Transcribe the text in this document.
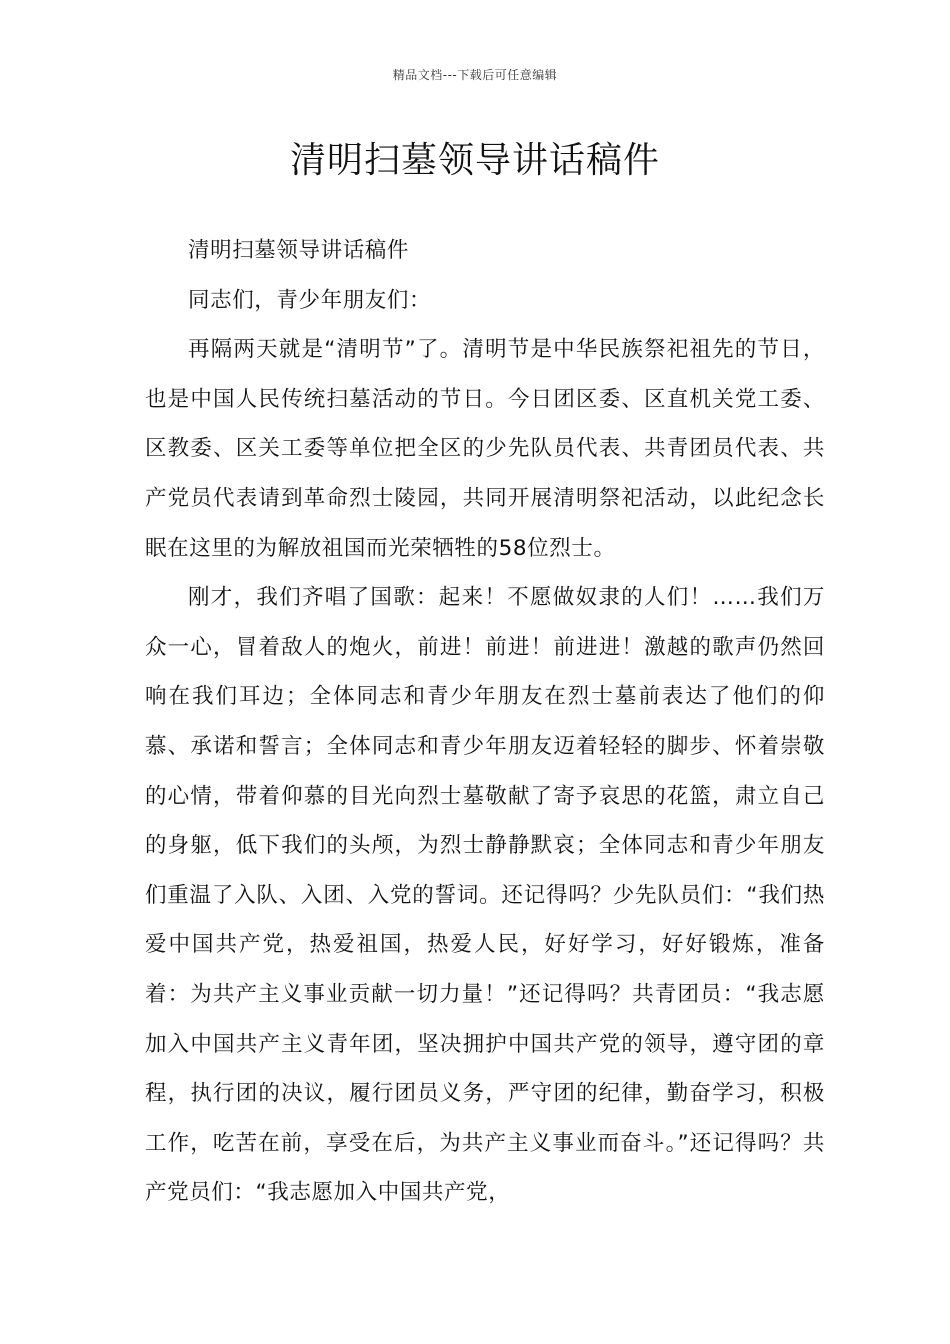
精品文档---下载后可任意编辑
清明扫墓领导讲话稿件

清明扫墓领导讲话稿件

同志们，青少年朋友们：

再隔两天就是“清明节”了。清明节是中华民族祭祀祖先的节日，也是中国人民传统扫墓活动的节日。今日团区委、区直机关党工委、区教委、区关工委等单位把全区的少先队员代表、共青团员代表、共产党员代表请到革命烈士陵园，共同开展清明祭祀活动，以此纪念长眠在这里的为解放祖国而光荣牺牲的58位烈士。

刚才，我们齐唱了国歌：起来！不愿做奴隶的人们！……我们万众一心，冒着敌人的炮火，前进！前进！前进进！激越的歌声仍然回响在我们耳边；全体同志和青少年朋友在烈士墓前表达了他们的仰慕、承诺和誓言；全体同志和青少年朋友迈着轻轻的脚步、怀着崇敬的心情，带着仰慕的目光向烈士墓敬献了寄予哀思的花篮，肃立自己的身躯，低下我们的头颅，为烈士静静默哀；全体同志和青少年朋友们重温了入队、入团、入党的誓词。还记得吗？少先队员们：“我们热爱中国共产党，热爱祖国，热爱人民，好好学习，好好锻炼，准备着：为共产主义事业贡献一切力量！”还记得吗？共青团员：“我志愿加入中国共产主义青年团，坚决拥护中国共产党的领导，遵守团的章程，执行团的决议，履行团员义务，严守团的纪律，勤奋学习，积极工作，吃苦在前，享受在后，为共产主义事业而奋斗。”还记得吗？共产党员们：“我志愿加入中国共产党，
